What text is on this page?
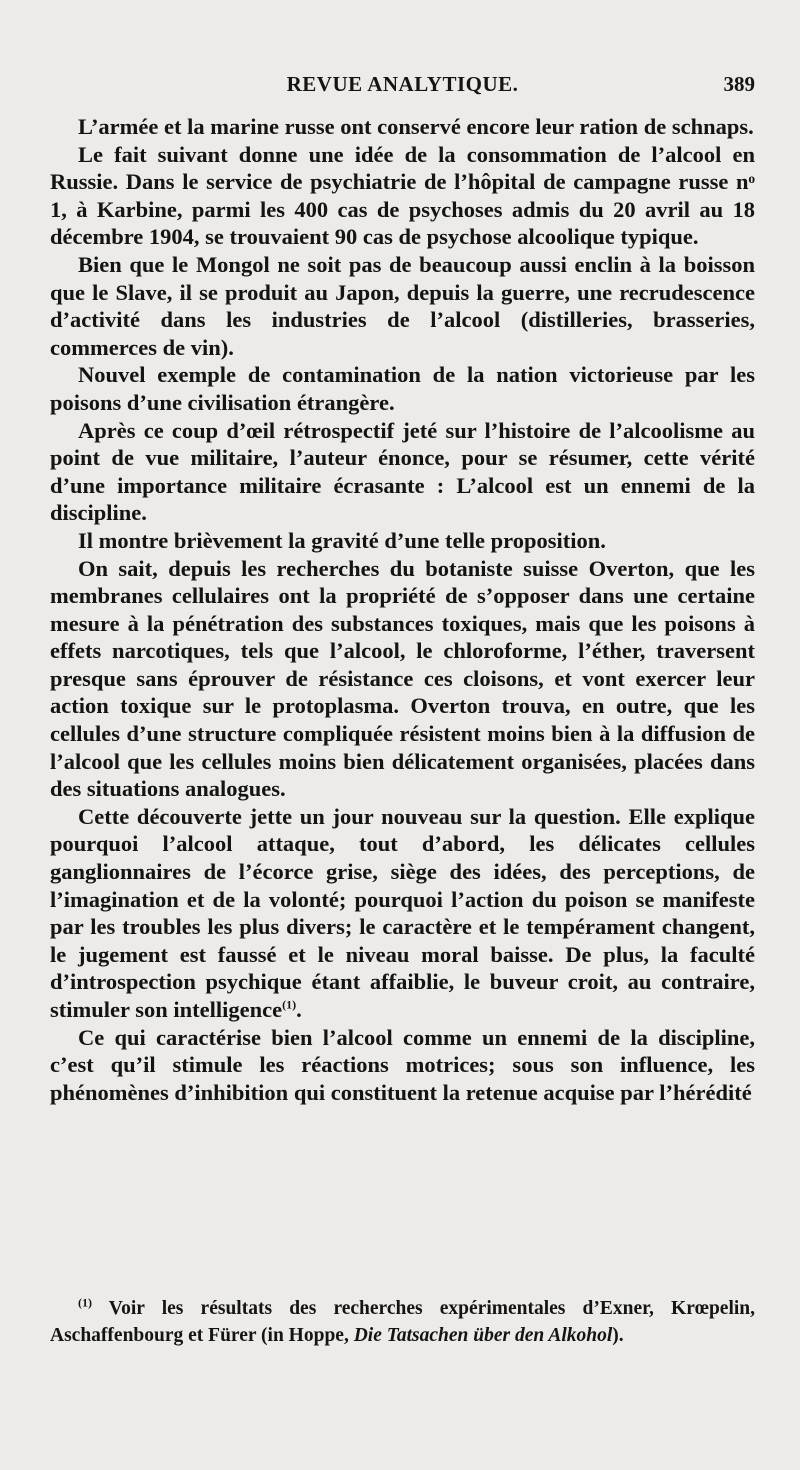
REVUE ANALYTIQUE.	389

L’armée et la marine russe ont conservé encore leur ration de schnaps.

Le fait suivant donne une idée de la consommation de l’alcool en Russie. Dans le service de psychiatrie de l’hôpital de campagne russe nᵒ 1, à Karbine, parmi les 400 cas de psychoses admis du 20 avril au 18 décembre 1904, se trouvaient 90 cas de psychose alcoolique typique.

Bien que le Mongol ne soit pas de beaucoup aussi enclin à la boisson que le Slave, il se produit au Japon, depuis la guerre, une recrudescence d’activité dans les industries de l’alcool (distilleries, brasseries, commerces de vin).

Nouvel exemple de contamination de la nation victorieuse par les poisons d’une civilisation étrangère.

Après ce coup d’œil rétrospectif jeté sur l’histoire de l’alcoolisme au point de vue militaire, l’auteur énonce, pour se résumer, cette vérité d’une importance militaire écrasante : L’alcool est un ennemi de la discipline.

Il montre brièvement la gravité d’une telle proposition.

On sait, depuis les recherches du botaniste suisse Overton, que les membranes cellulaires ont la propriété de s’opposer dans une certaine mesure à la pénétration des substances toxiques, mais que les poisons à effets narcotiques, tels que l’alcool, le chloroforme, l’éther, traversent presque sans éprouver de résistance ces cloisons, et vont exercer leur action toxique sur le protoplasma. Overton trouva, en outre, que les cellules d’une structure compliquée résistent moins bien à la diffusion de l’alcool que les cellules moins bien délicatement organisées, placées dans des situations analogues.

Cette découverte jette un jour nouveau sur la question. Elle explique pourquoi l’alcool attaque, tout d’abord, les délicates cellules ganglionnaires de l’écorce grise, siège des idées, des perceptions, de l’imagination et de la volonté; pourquoi l’action du poison se manifeste par les troubles les plus divers; le caractère et le tempérament changent, le jugement est faussé et le niveau moral baisse. De plus, la faculté d’introspection psychique étant affaiblie, le buveur croit, au contraire, stimuler son intelligence$^{(1)}$.

Ce qui caractérise bien l’alcool comme un ennemi de la discipline, c’est qu’il stimule les réactions motrices; sous son influence, les phénomènes d’inhibition qui constituent la retenue acquise par l’hérédité

$^{(1)}$ Voir les résultats des recherches expérimentales d’Exner, Krœpelin, Aschaffenbourg et Fürer (in Hoppe, Die Tatsachen über den Alkohol).
